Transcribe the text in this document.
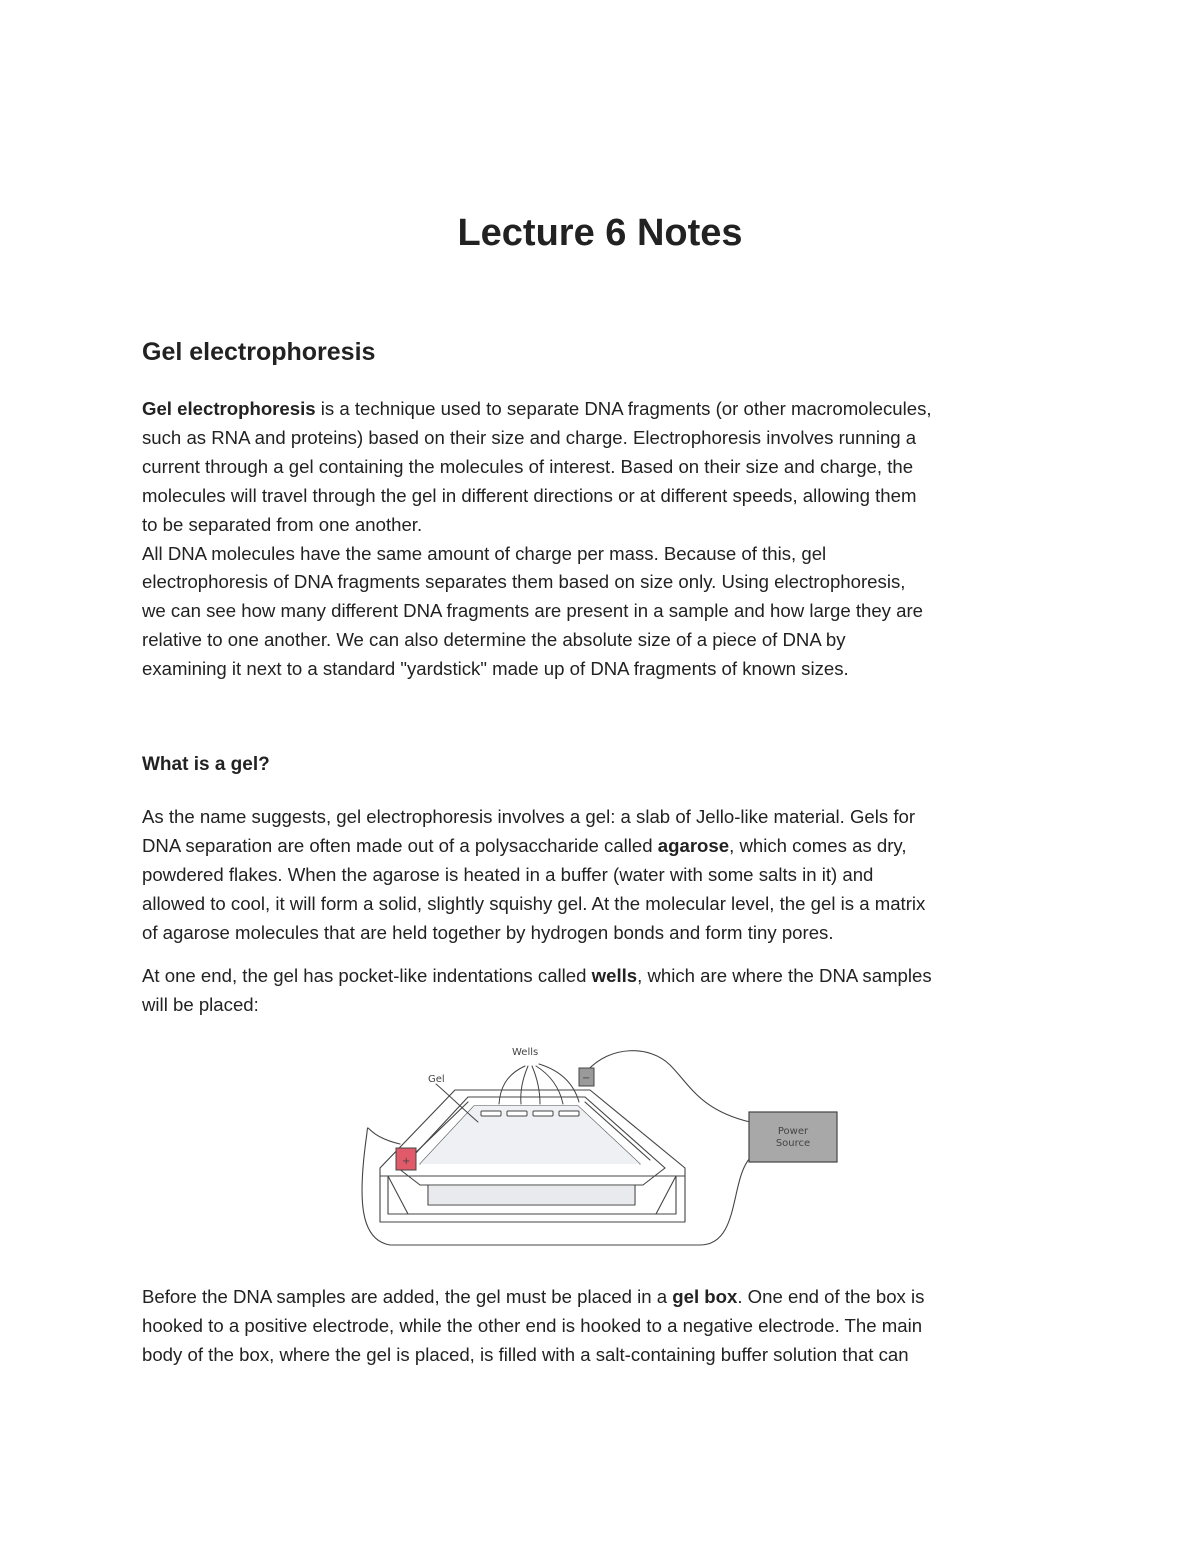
Lecture 6 Notes
Gel electrophoresis
Gel electrophoresis is a technique used to separate DNA fragments (or other macromolecules,
such as RNA and proteins) based on their size and charge. Electrophoresis involves running a
current through a gel containing the molecules of interest. Based on their size and charge, the
molecules will travel through the gel in different directions or at different speeds, allowing them
to be separated from one another.
All DNA molecules have the same amount of charge per mass. Because of this, gel
electrophoresis of DNA fragments separates them based on size only. Using electrophoresis,
we can see how many different DNA fragments are present in a sample and how large they are
relative to one another. We can also determine the absolute size of a piece of DNA by
examining it next to a standard "yardstick" made up of DNA fragments of known sizes.
What is a gel?
As the name suggests, gel electrophoresis involves a gel: a slab of Jello-like material. Gels for
DNA separation are often made out of a polysaccharide called agarose, which comes as dry,
powdered flakes. When the agarose is heated in a buffer (water with some salts in it) and
allowed to cool, it will form a solid, slightly squishy gel. At the molecular level, the gel is a matrix
of agarose molecules that are held together by hydrogen bonds and form tiny pores.
At one end, the gel has pocket-like indentations called wells, which are where the DNA samples
will be placed:
−
+
Power
Source
Gel
Wells
Before the DNA samples are added, the gel must be placed in a gel box. One end of the box is
hooked to a positive electrode, while the other end is hooked to a negative electrode. The main
body of the box, where the gel is placed, is filled with a salt-containing buffer solution that can
